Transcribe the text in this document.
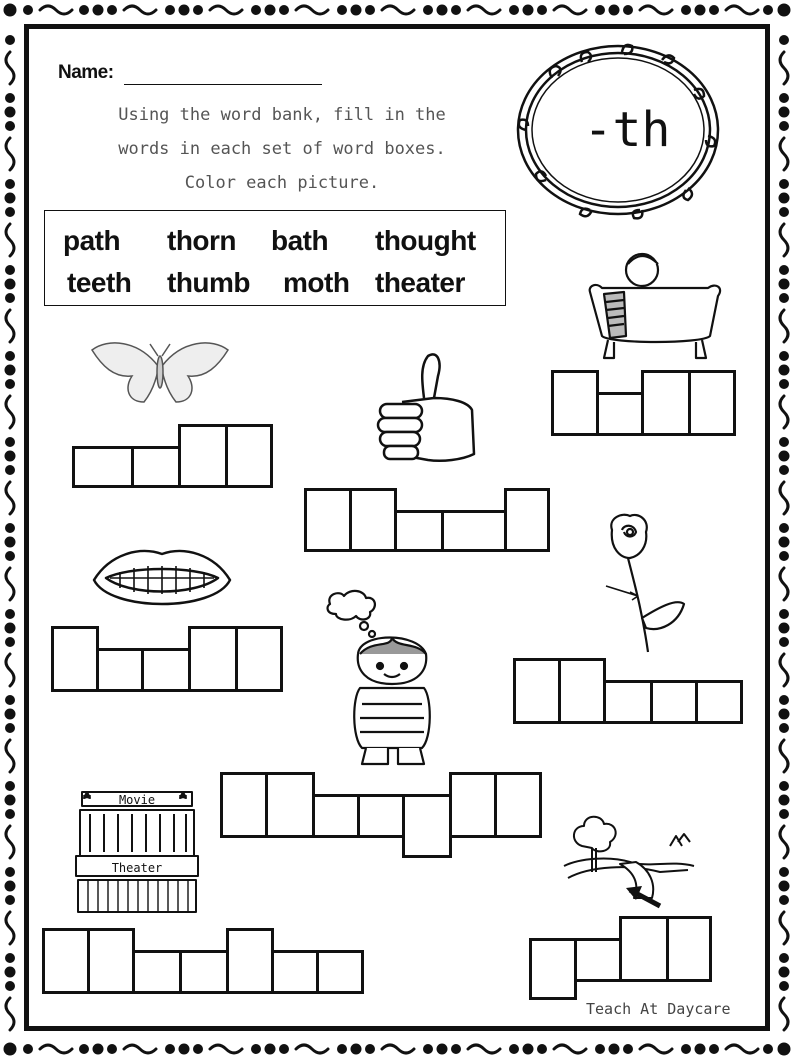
Name:
Using the word bank, fill in the
words in each set of word boxes.
Color each picture.
-th
path thorn bath thought
teeth thumb moth theater
Movie
Theater
Teach At Daycare
